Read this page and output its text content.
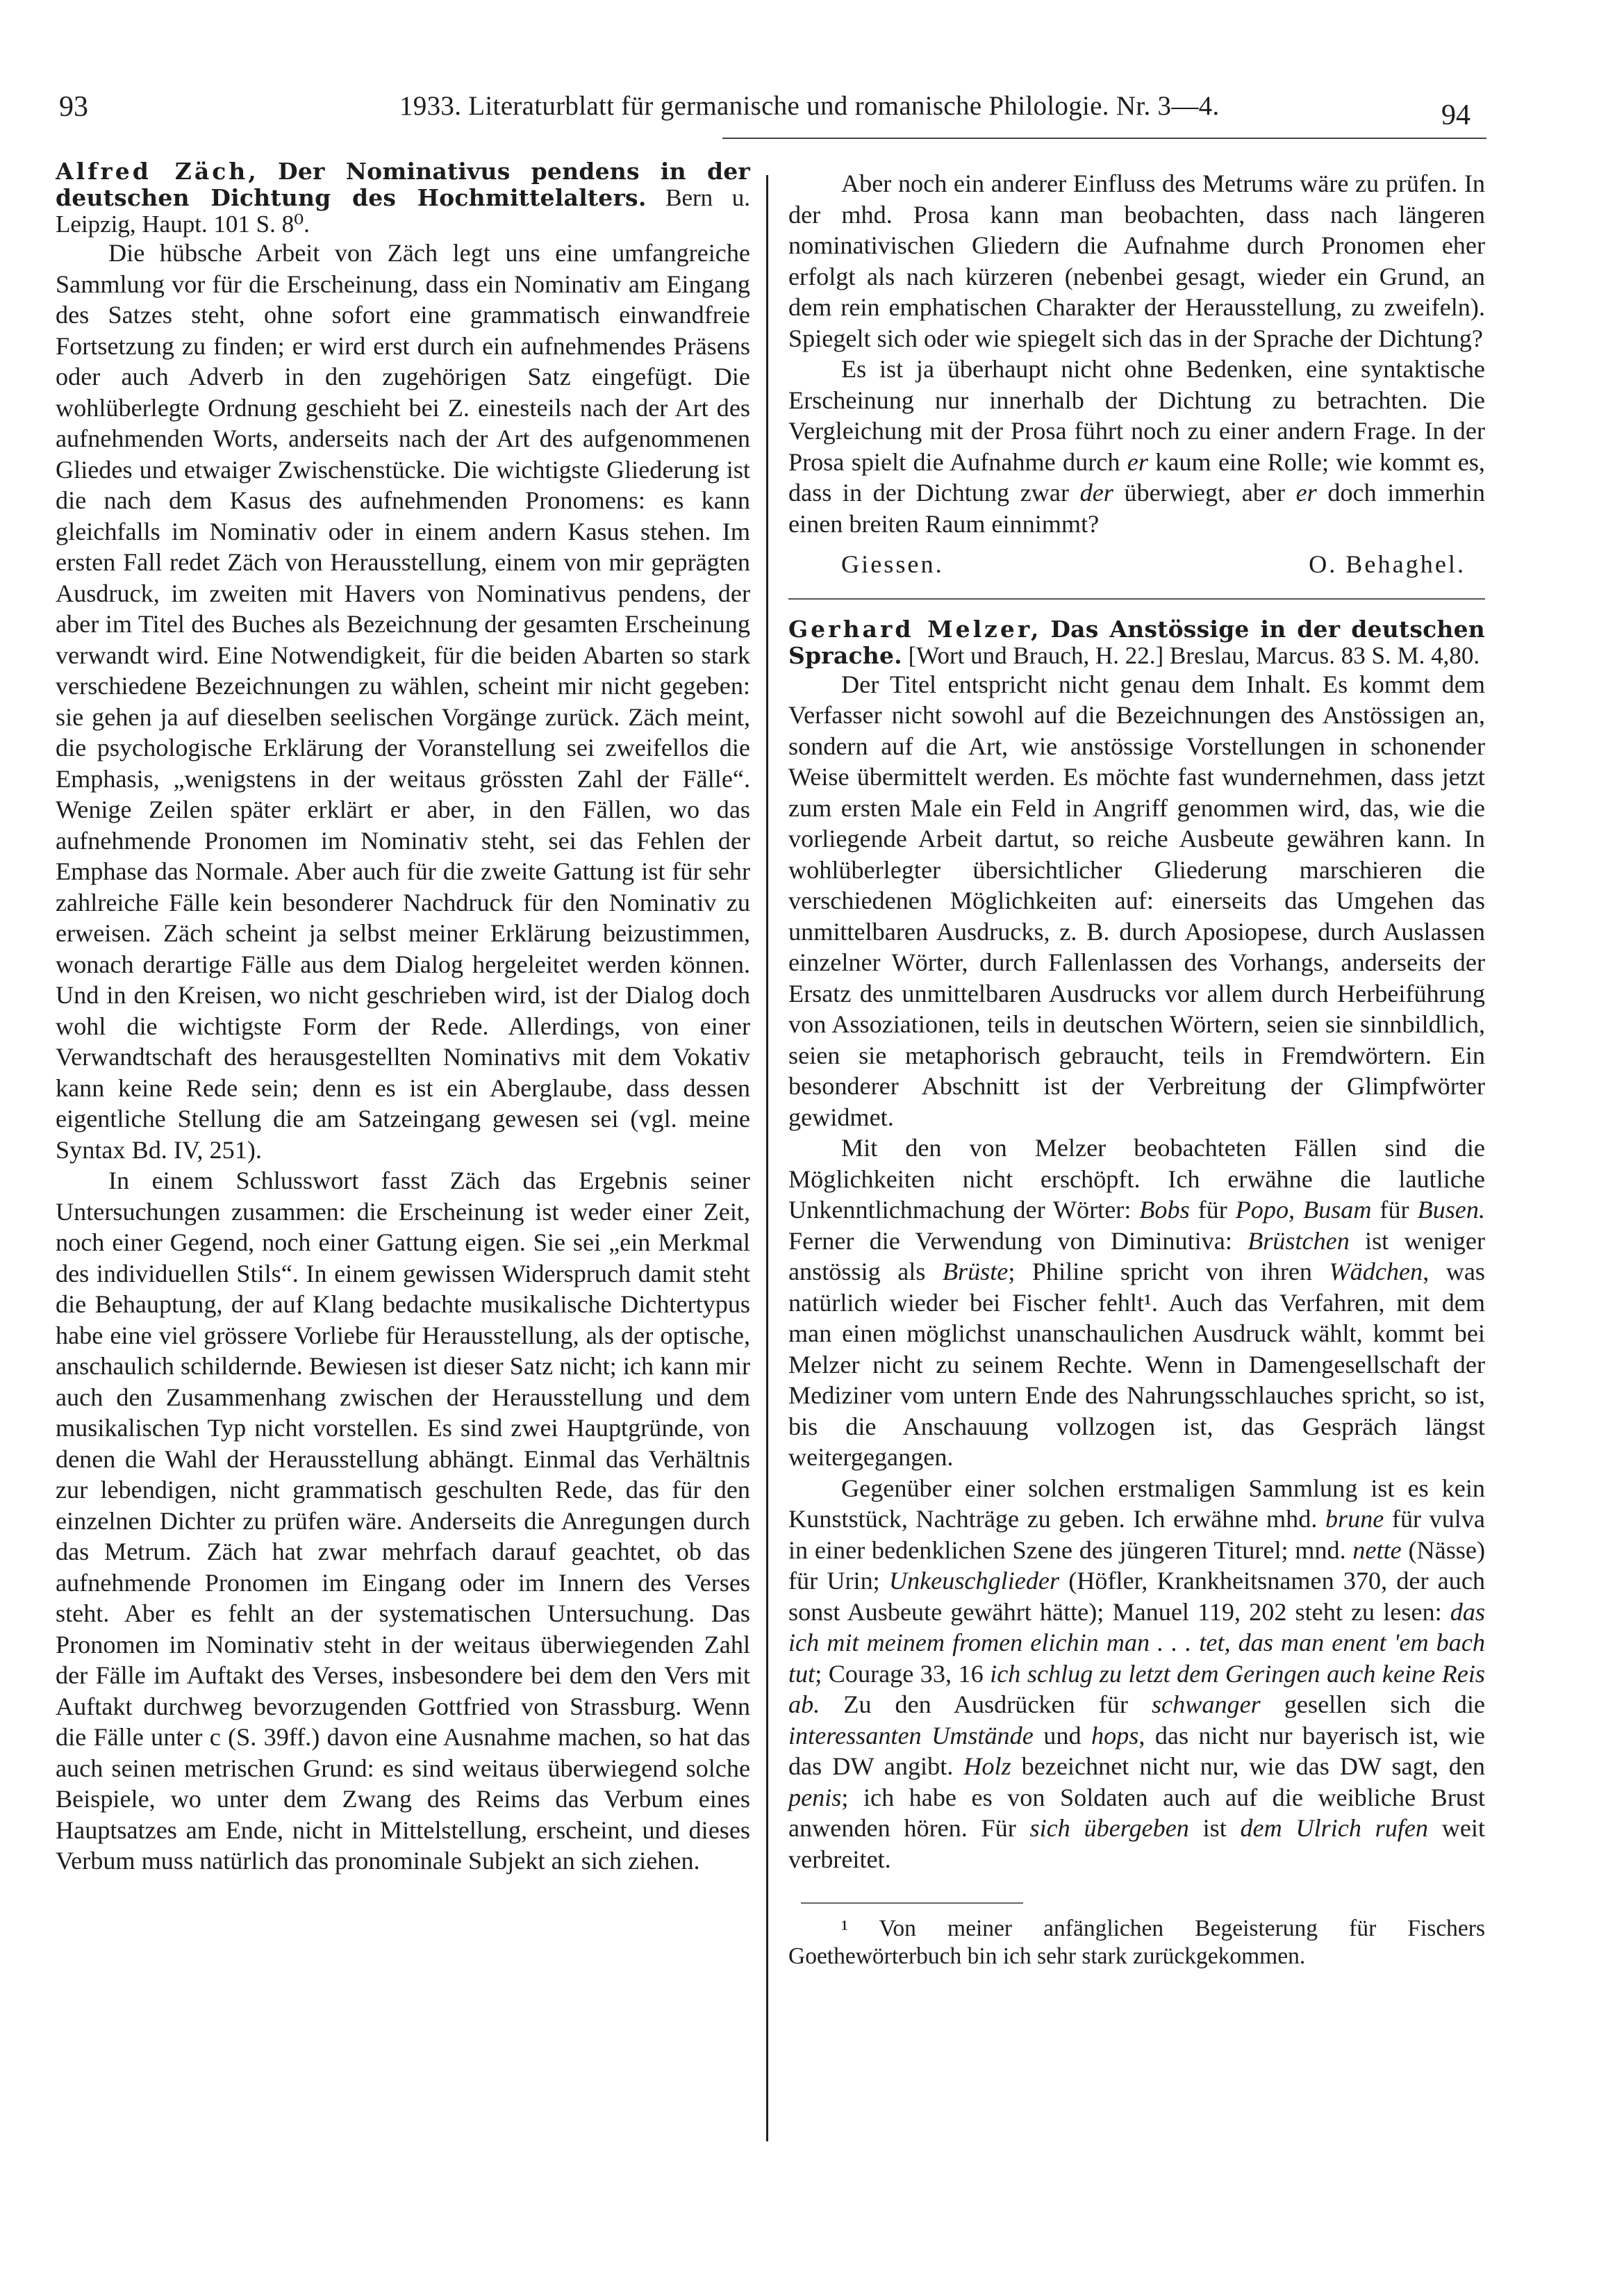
93	1933. Literaturblatt für germanische und romanische Philologie. Nr. 3—4.	94

Alfred Zäch, Der Nominativus pendens in der deutschen Dichtung des Hochmittelalters. Bern u. Leipzig, Haupt. 101 S. 8⁰.

Die hübsche Arbeit von Zäch legt uns eine umfangreiche Sammlung vor für die Erscheinung, dass ein Nominativ am Eingang des Satzes steht, ohne sofort eine grammatisch einwandfreie Fortsetzung zu finden; er wird erst durch ein aufnehmendes Präsens oder auch Adverb in den zugehörigen Satz eingefügt. Die wohlüberlegte Ordnung geschieht bei Z. einesteils nach der Art des aufnehmenden Worts, anderseits nach der Art des aufgenommenen Gliedes und etwaiger Zwischenstücke. Die wichtigste Gliederung ist die nach dem Kasus des aufnehmenden Pronomens: es kann gleichfalls im Nominativ oder in einem andern Kasus stehen. Im ersten Fall redet Zäch von Herausstellung, einem von mir geprägten Ausdruck, im zweiten mit Havers von Nominativus pendens, der aber im Titel des Buches als Bezeichnung der gesamten Erscheinung verwandt wird. Eine Notwendigkeit, für die beiden Abarten so stark verschiedene Bezeichnungen zu wählen, scheint mir nicht gegeben: sie gehen ja auf dieselben seelischen Vorgänge zurück. Zäch meint, die psychologische Erklärung der Voranstellung sei zweifellos die Emphasis, „wenigstens in der weitaus grössten Zahl der Fälle“. Wenige Zeilen später erklärt er aber, in den Fällen, wo das aufnehmende Pronomen im Nominativ steht, sei das Fehlen der Emphase das Normale. Aber auch für die zweite Gattung ist für sehr zahlreiche Fälle kein besonderer Nachdruck für den Nominativ zu erweisen. Zäch scheint ja selbst meiner Erklärung beizustimmen, wonach derartige Fälle aus dem Dialog hergeleitet werden können. Und in den Kreisen, wo nicht geschrieben wird, ist der Dialog doch wohl die wichtigste Form der Rede. Allerdings, von einer Verwandtschaft des herausgestellten Nominativs mit dem Vokativ kann keine Rede sein; denn es ist ein Aberglaube, dass dessen eigentliche Stellung die am Satzeingang gewesen sei (vgl. meine Syntax Bd. IV, 251).

In einem Schlusswort fasst Zäch das Ergebnis seiner Untersuchungen zusammen: die Erscheinung ist weder einer Zeit, noch einer Gegend, noch einer Gattung eigen. Sie sei „ein Merkmal des individuellen Stils“. In einem gewissen Widerspruch damit steht die Behauptung, der auf Klang bedachte musikalische Dichtertypus habe eine viel grössere Vorliebe für Herausstellung, als der optische, anschaulich schildernde. Bewiesen ist dieser Satz nicht; ich kann mir auch den Zusammenhang zwischen der Herausstellung und dem musikalischen Typ nicht vorstellen. Es sind zwei Hauptgründe, von denen die Wahl der Herausstellung abhängt. Einmal das Verhältnis zur lebendigen, nicht grammatisch geschulten Rede, das für den einzelnen Dichter zu prüfen wäre. Anderseits die Anregungen durch das Metrum. Zäch hat zwar mehrfach darauf geachtet, ob das aufnehmende Pronomen im Eingang oder im Innern des Verses steht. Aber es fehlt an der systematischen Untersuchung. Das Pronomen im Nominativ steht in der weitaus überwiegenden Zahl der Fälle im Auftakt des Verses, insbesondere bei dem den Vers mit Auftakt durchweg bevorzugenden Gottfried von Strassburg. Wenn die Fälle unter c (S. 39ff.) davon eine Ausnahme machen, so hat das auch seinen metrischen Grund: es sind weitaus überwiegend solche Beispiele, wo unter dem Zwang des Reims das Verbum eines Hauptsatzes am Ende, nicht in Mittelstellung, erscheint, und dieses Verbum muss natürlich das pronominale Subjekt an sich ziehen.

Aber noch ein anderer Einfluss des Metrums wäre zu prüfen. In der mhd. Prosa kann man beobachten, dass nach längeren nominativischen Gliedern die Aufnahme durch Pronomen eher erfolgt als nach kürzeren (nebenbei gesagt, wieder ein Grund, an dem rein emphatischen Charakter der Herausstellung, zu zweifeln). Spiegelt sich oder wie spiegelt sich das in der Sprache der Dichtung?

Es ist ja überhaupt nicht ohne Bedenken, eine syntaktische Erscheinung nur innerhalb der Dichtung zu betrachten. Die Vergleichung mit der Prosa führt noch zu einer andern Frage. In der Prosa spielt die Aufnahme durch er kaum eine Rolle; wie kommt es, dass in der Dichtung zwar der überwiegt, aber er doch immerhin einen breiten Raum einnimmt?

Giessen.	O. Behaghel.

Gerhard Melzer, Das Anstössige in der deutschen Sprache. [Wort und Brauch, H. 22.] Breslau, Marcus. 83 S. M. 4,80.

Der Titel entspricht nicht genau dem Inhalt. Es kommt dem Verfasser nicht sowohl auf die Bezeichnungen des Anstössigen an, sondern auf die Art, wie anstössige Vorstellungen in schonender Weise übermittelt werden. Es möchte fast wundernehmen, dass jetzt zum ersten Male ein Feld in Angriff genommen wird, das, wie die vorliegende Arbeit dartut, so reiche Ausbeute gewähren kann. In wohlüberlegter übersichtlicher Gliederung marschieren die verschiedenen Möglichkeiten auf: einerseits das Umgehen das unmittelbaren Ausdrucks, z. B. durch Aposiopese, durch Auslassen einzelner Wörter, durch Fallenlassen des Vorhangs, anderseits der Ersatz des unmittelbaren Ausdrucks vor allem durch Herbeiführung von Assoziationen, teils in deutschen Wörtern, seien sie sinnbildlich, seien sie metaphorisch gebraucht, teils in Fremdwörtern. Ein besonderer Abschnitt ist der Verbreitung der Glimpfwörter gewidmet.

Mit den von Melzer beobachteten Fällen sind die Möglichkeiten nicht erschöpft. Ich erwähne die lautliche Unkenntlichmachung der Wörter: Bobs für Popo, Busam für Busen. Ferner die Verwendung von Diminutiva: Brüstchen ist weniger anstössig als Brüste; Philine spricht von ihren Wädchen, was natürlich wieder bei Fischer fehlt¹. Auch das Verfahren, mit dem man einen möglichst unanschaulichen Ausdruck wählt, kommt bei Melzer nicht zu seinem Rechte. Wenn in Damengesellschaft der Mediziner vom untern Ende des Nahrungsschlauches spricht, so ist, bis die Anschauung vollzogen ist, das Gespräch längst weitergegangen.

Gegenüber einer solchen erstmaligen Sammlung ist es kein Kunststück, Nachträge zu geben. Ich erwähne mhd. brune für vulva in einer bedenklichen Szene des jüngeren Titurel; mnd. nette (Nässe) für Urin; Unkeuschglieder (Höfler, Krankheitsnamen 370, der auch sonst Ausbeute gewährt hätte); Manuel 119, 202 steht zu lesen: das ich mit meinem fromen elichin man . . . tet, das man enent 'em bach tut; Courage 33, 16 ich schlug zu letzt dem Geringen auch keine Reis ab. Zu den Ausdrücken für schwanger gesellen sich die interessanten Umstände und hops, das nicht nur bayerisch ist, wie das DW angibt. Holz bezeichnet nicht nur, wie das DW sagt, den penis; ich habe es von Soldaten auch auf die weibliche Brust anwenden hören. Für sich übergeben ist dem Ulrich rufen weit verbreitet.

¹ Von meiner anfänglichen Begeisterung für Fischers Goethewörterbuch bin ich sehr stark zurückgekommen.
